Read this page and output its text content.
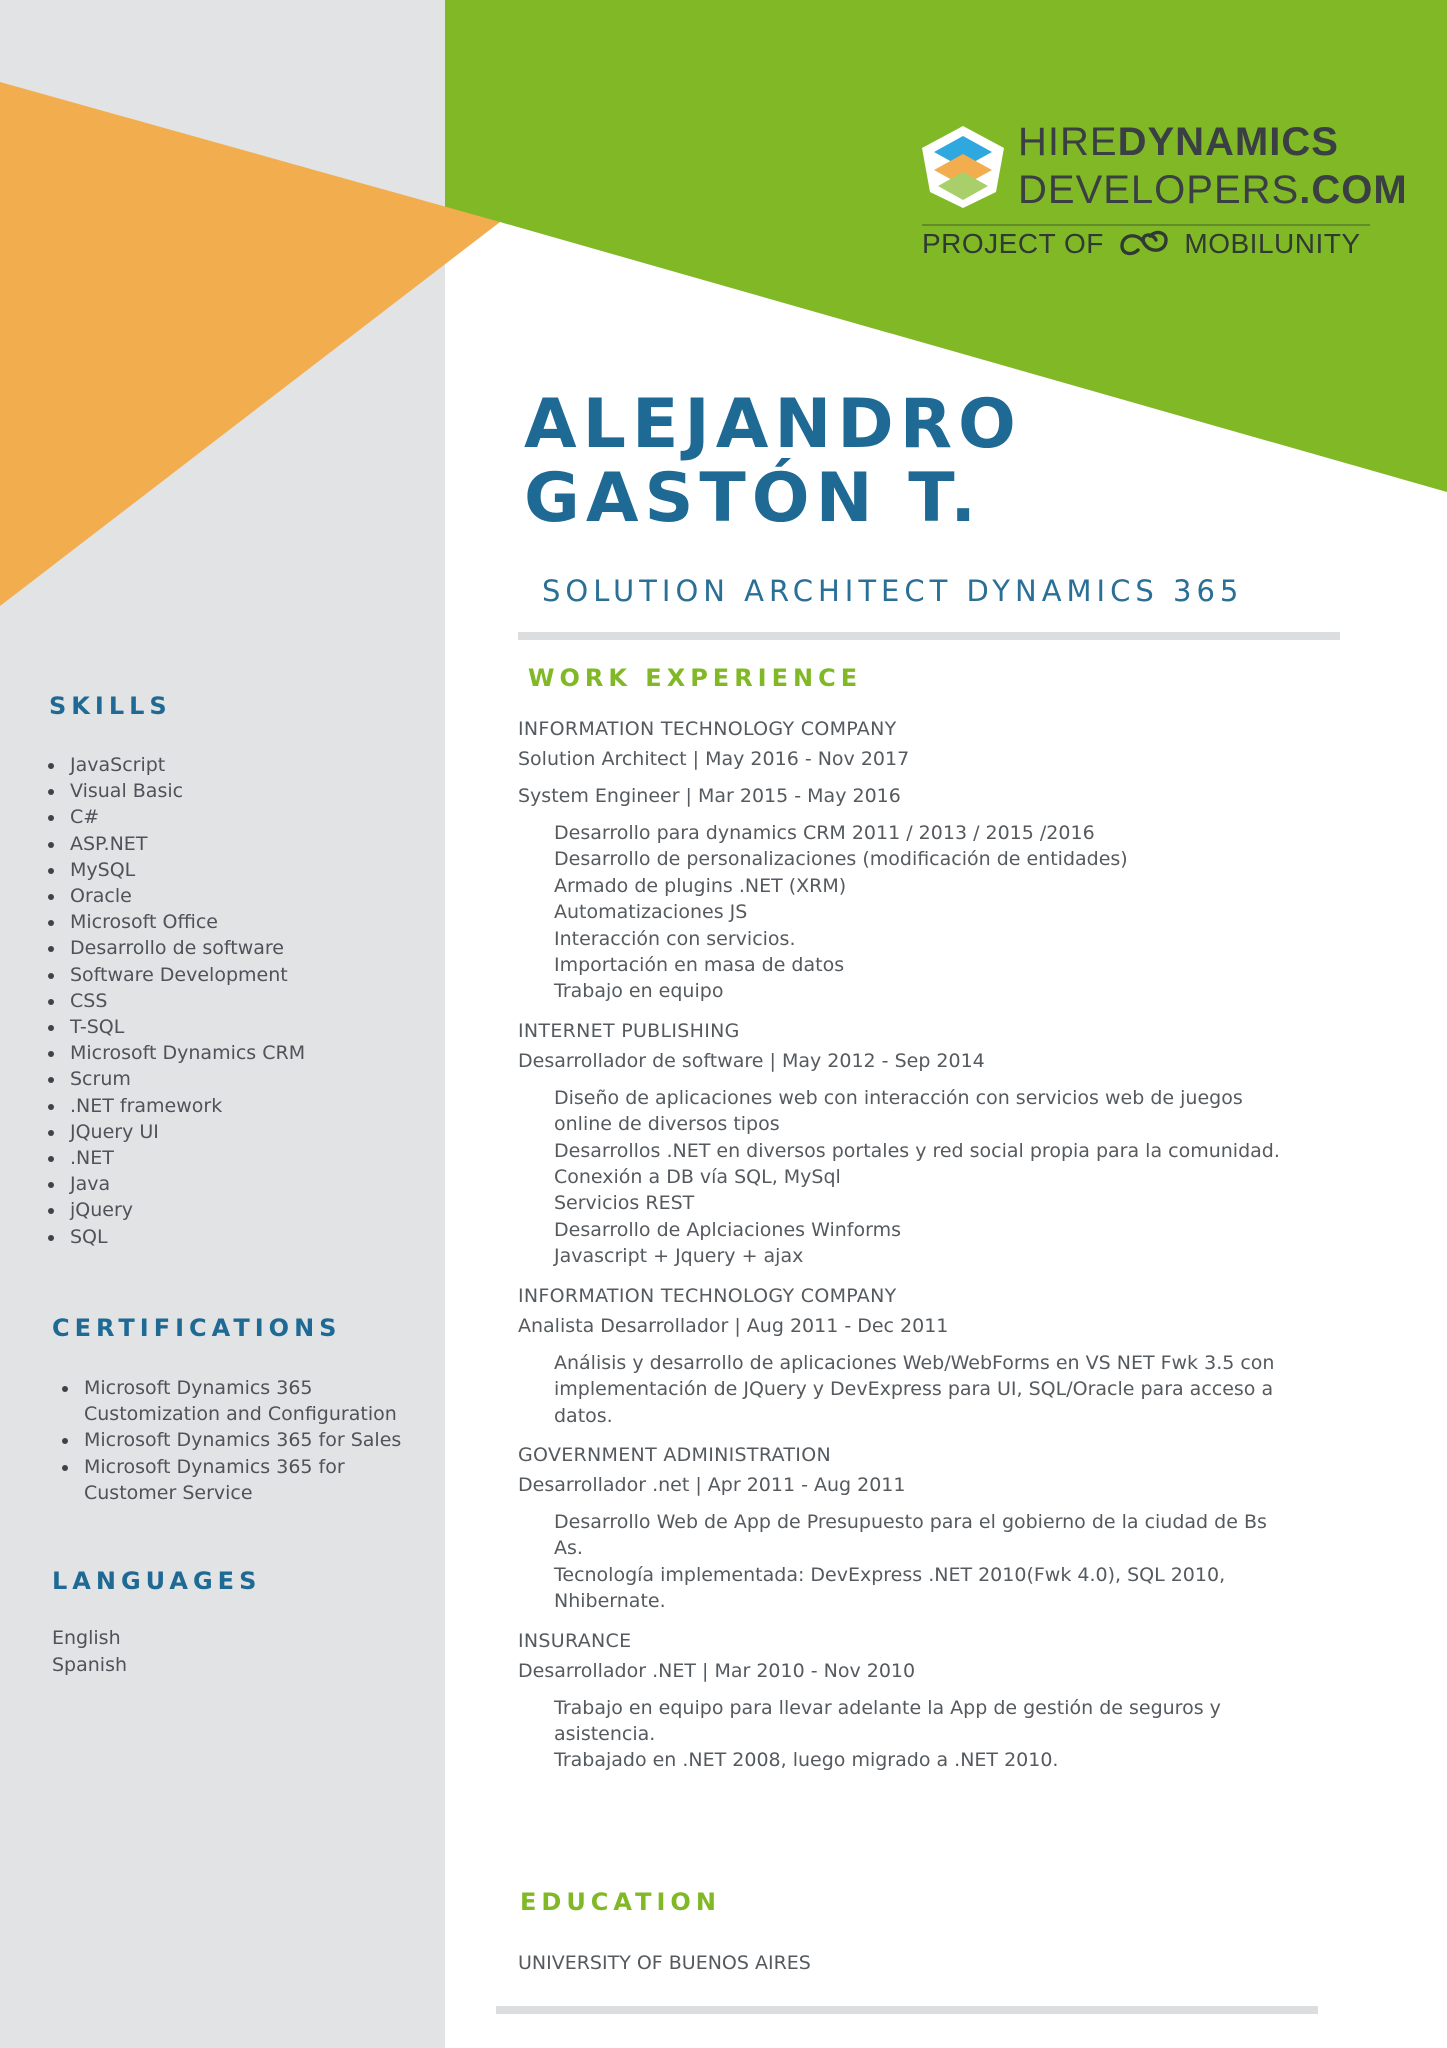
HIREDYNAMICS
DEVELOPERS.COM
PROJECT OF	MOBILUNITY
ALEJANDRO
GASTÓN T.
SOLUTION ARCHITECT DYNAMICS 365
SKILLS
JavaScript
Visual Basic
C#
ASP.NET
MySQL
Oracle
Microsoft Office
Desarrollo de software
Software Development
CSS
T-SQL
Microsoft Dynamics CRM
Scrum
.NET framework
JQuery UI
.NET
Java
jQuery
SQL
CERTIFICATIONS
Microsoft Dynamics 365
Customization and Configuration
Microsoft Dynamics 365 for Sales
Microsoft Dynamics 365 for
Customer Service
LANGUAGES
English
Spanish
WORK EXPERIENCE
INFORMATION TECHNOLOGY COMPANY
Solution Architect | May 2016 - Nov 2017
System Engineer | Mar 2015 - May 2016
Desarrollo para dynamics CRM 2011 / 2013 / 2015 /2016
Desarrollo de personalizaciones (modificación de entidades)
Armado de plugins .NET (XRM)
Automatizaciones JS
Interacción con servicios.
Importación en masa de datos
Trabajo en equipo
INTERNET PUBLISHING
Desarrollador de software | May 2012 - Sep 2014
Diseño de aplicaciones web con interacción con servicios web de juegos online de diversos tipos
Desarrollos .NET en diversos portales y red social propia para la comunidad.
Conexión a DB vía SQL, MySql
Servicios REST
Desarrollo de Aplciaciones Winforms
Javascript + Jquery + ajax
INFORMATION TECHNOLOGY COMPANY
Analista Desarrollador | Aug 2011 - Dec 2011
Análisis y desarrollo de aplicaciones Web/WebForms en VS NET Fwk 3.5 con implementación de JQuery y DevExpress para UI, SQL/Oracle para acceso a datos.
GOVERNMENT ADMINISTRATION
Desarrollador .net | Apr 2011 - Aug 2011
Desarrollo Web de App de Presupuesto para el gobierno de la ciudad de Bs As.
Tecnología implementada: DevExpress .NET 2010(Fwk 4.0), SQL 2010, Nhibernate.
INSURANCE
Desarrollador .NET | Mar 2010 - Nov 2010
Trabajo en equipo para llevar adelante la App de gestión de seguros y asistencia.
Trabajado en .NET 2008, luego migrado a .NET 2010.
EDUCATION
UNIVERSITY OF BUENOS AIRES
